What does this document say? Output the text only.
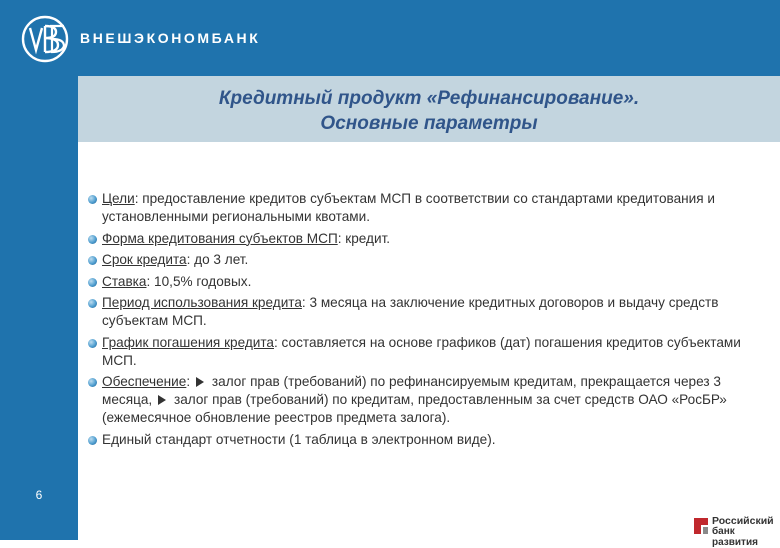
ВНЕШЭКОНОМБАНК
6
Кредитный продукт «Рефинансирование».
Основные параметры
Цели: предоставление кредитов субъектам МСП в соответствии со стандартами кредитования и установленными региональными квотами.
Форма кредитования субъектов МСП: кредит.
Срок кредита: до 3 лет.
Ставка: 10,5% годовых.
Период использования кредита: 3 месяца на заключение кредитных договоров и выдачу средств субъектам МСП.
График погашения кредита: составляется на основе графиков (дат) погашения кредитов субъектами МСП.
Обеспечение: залог прав (требований) по рефинансируемым кредитам, прекращается через 3 месяца, залог прав (требований) по кредитам, предоставленным за счет средств ОАО «РосБР» (ежемесячное обновление реестров предмета залога).
Единый стандарт отчетности (1 таблица в электронном виде).
Российский
банк развития
